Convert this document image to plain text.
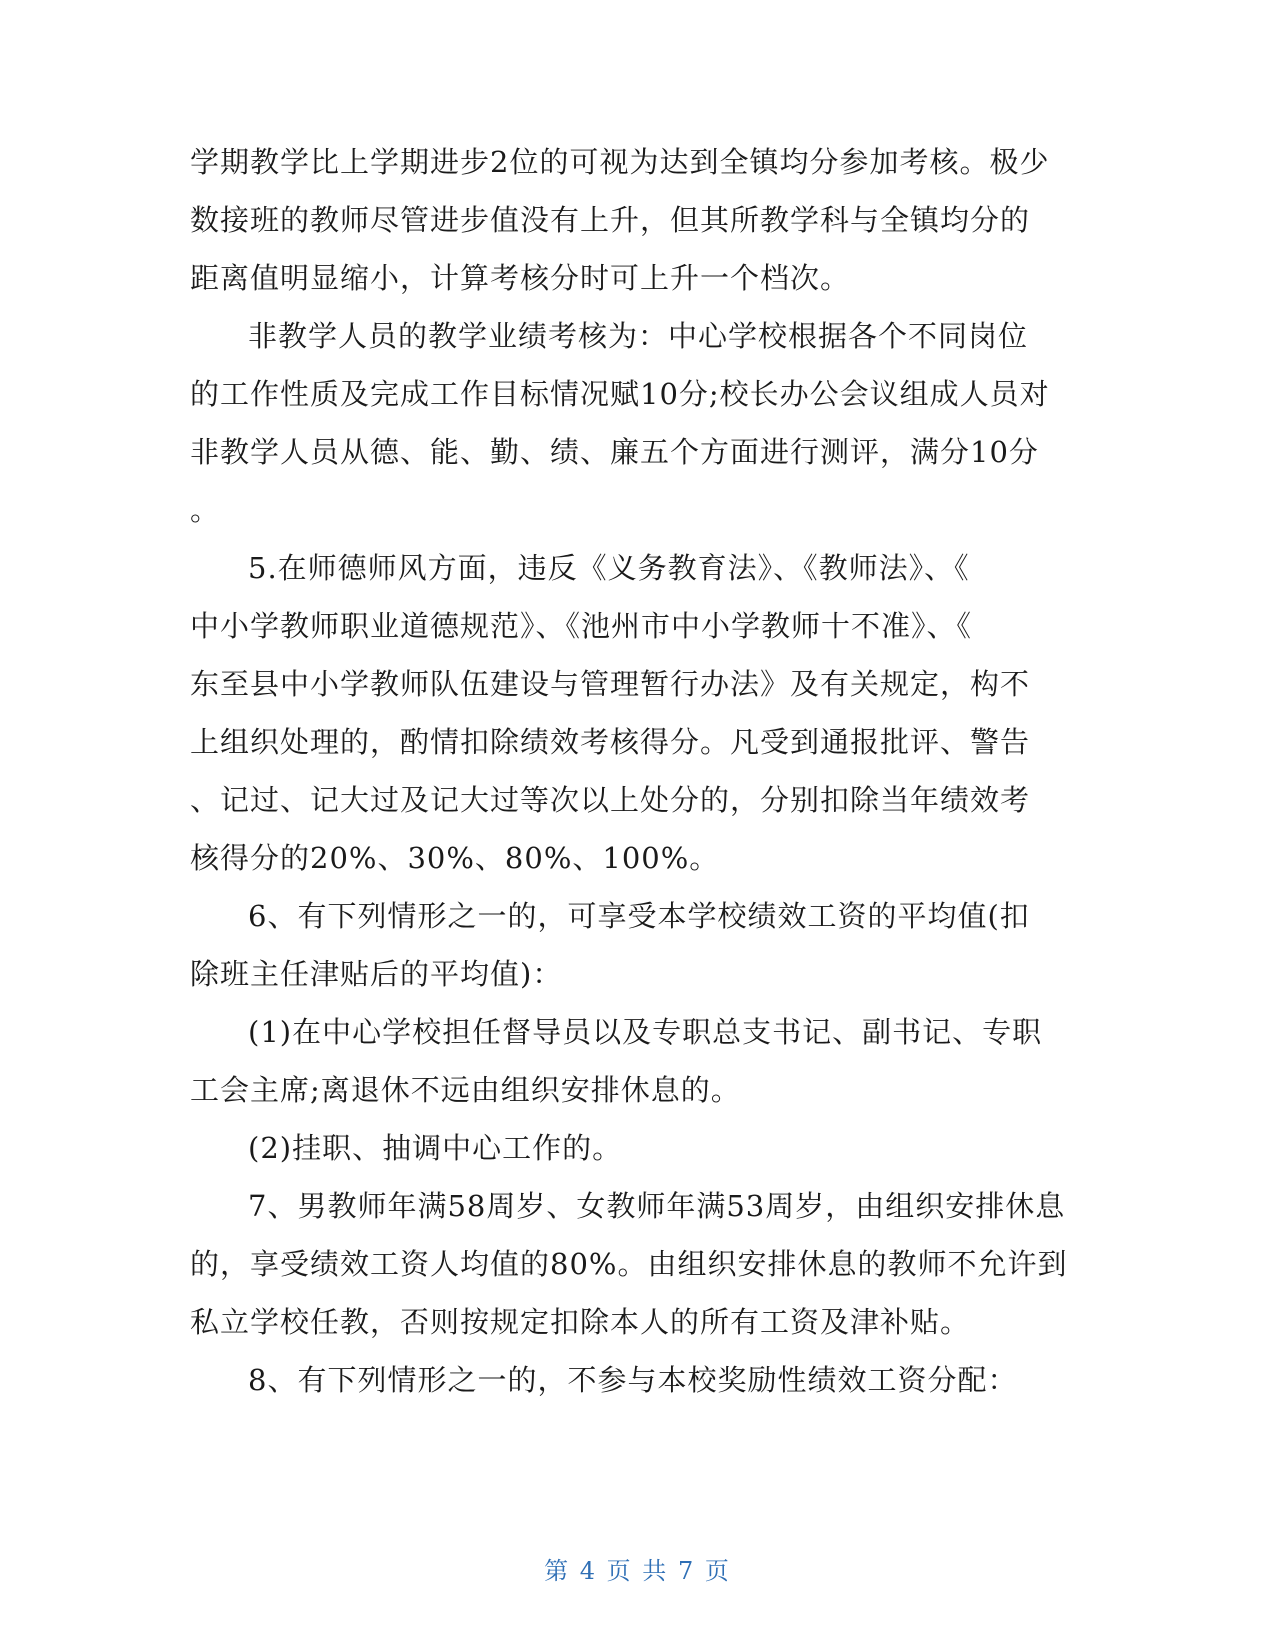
学期教学比上学期进步2位的可视为达到全镇均分参加考核。极少
数接班的教师尽管进步值没有上升，但其所教学科与全镇均分的
距离值明显缩小，计算考核分时可上升一个档次。
非教学人员的教学业绩考核为：中心学校根据各个不同岗位
的工作性质及完成工作目标情况赋10分;校长办公会议组成人员对
非教学人员从德、能、勤、绩、廉五个方面进行测评，满分10分
。
5.在师德师风方面，违反《义务教育法》、《教师法》、《
中小学教师职业道德规范》、《池州市中小学教师十不准》、《
东至县中小学教师队伍建设与管理暂行办法》及有关规定，构不
上组织处理的，酌情扣除绩效考核得分。凡受到通报批评、警告
、记过、记大过及记大过等次以上处分的，分别扣除当年绩效考
核得分的20%、30%、80%、100%。
6、有下列情形之一的，可享受本学校绩效工资的平均值(扣
除班主任津贴后的平均值)：
(1)在中心学校担任督导员以及专职总支书记、副书记、专职
工会主席;离退休不远由组织安排休息的。
(2)挂职、抽调中心工作的。
7、男教师年满58周岁、女教师年满53周岁，由组织安排休息
的，享受绩效工资人均值的80%。由组织安排休息的教师不允许到
私立学校任教，否则按规定扣除本人的所有工资及津补贴。
8、有下列情形之一的，不参与本校奖励性绩效工资分配：
第 4 页 共 7 页
